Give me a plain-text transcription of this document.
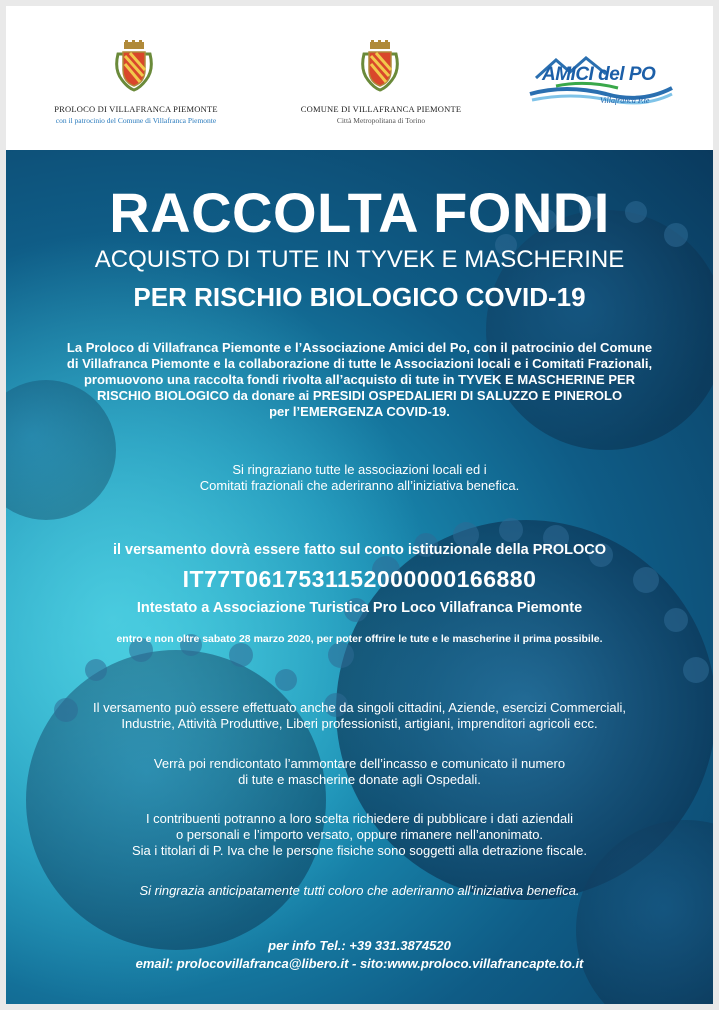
PROLOCO DI VILLAFRANCA PIEMONTE
con il patrocinio del Comune di Villafranca Piemonte
COMUNE DI VILLAFRANCA PIEMONTE
Città Metropolitana di Torino
AMICI del PO
Villafranca P.te
RACCOLTA FONDI
ACQUISTO DI TUTE IN TYVEK E MASCHERINE
PER RISCHIO BIOLOGICO COVID-19
La Proloco di Villafranca Piemonte e l’Associazione Amici del Po, con il patrocinio del Comune
di Villafranca Piemonte e la collaborazione di tutte le Associazioni locali e i Comitati Frazionali,
promuovono una raccolta fondi rivolta all’acquisto di tute in TYVEK E MASCHERINE PER
RISCHIO BIOLOGICO da donare ai PRESIDI OSPEDALIERI DI SALUZZO E PINEROLO
per l’EMERGENZA COVID-19.
Si ringraziano tutte le associazioni locali ed i
Comitati frazionali che aderiranno all’iniziativa benefica.
il versamento dovrà essere fatto sul conto istituzionale della PROLOCO
IT77T0617531152000000166880
Intestato a Associazione Turistica Pro Loco Villafranca Piemonte
entro e non oltre sabato 28 marzo 2020, per poter offrire le tute e le mascherine il prima possibile.
Il versamento può essere effettuato anche da singoli cittadini, Aziende, esercizi Commerciali,
Industrie, Attività Produttive, Liberi professionisti, artigiani, imprenditori agricoli ecc.
Verrà poi rendicontato l’ammontare dell’incasso e comunicato il numero
di tute e mascherine donate agli Ospedali.
I contribuenti potranno a loro scelta richiedere di pubblicare i dati aziendali
o personali e l’importo versato, oppure rimanere nell’anonimato.
Sia i titolari di P. Iva che le persone fisiche sono soggetti alla detrazione fiscale.
Si ringrazia anticipatamente tutti coloro che aderiranno all’iniziativa benefica.
per info Tel.: +39 331.3874520
email: prolocovillafranca@libero.it - sito:www.proloco.villafrancapte.to.it
